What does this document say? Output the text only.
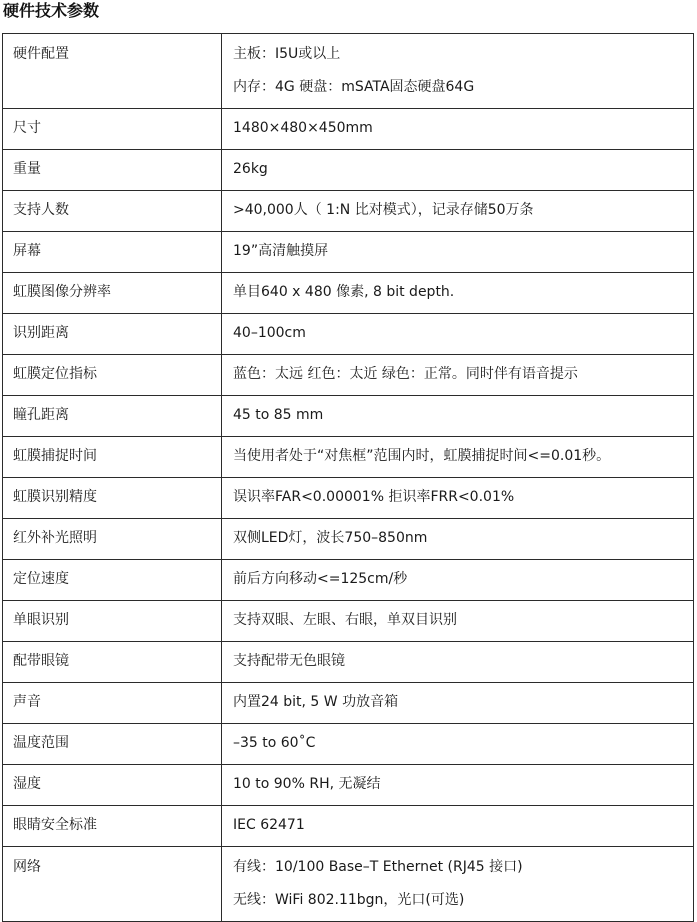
硬件技术参数
硬件配置	主板：I5U或以上
内存：4G 硬盘：mSATA固态硬盘64G

尺寸	1480×480×450mm

重量	26kg

支持人数	>40,000人（ 1:N 比对模式），记录存储50万条

屏幕	19”高清触摸屏

虹膜图像分辨率	单目640 x 480 像素, 8 bit depth.

识别距离	40–100cm

虹膜定位指标	蓝色：太远 红色：太近 绿色：正常。同时伴有语音提示

瞳孔距离	45 to 85 mm

虹膜捕捉时间	当使用者处于“对焦框”范围内时，虹膜捕捉时间<=0.01秒。

虹膜识别精度	误识率FAR<0.00001% 拒识率FRR<0.01%

红外补光照明	双侧LED灯，波长750–850nm

定位速度	前后方向移动<=125cm/秒

单眼识别	支持双眼、左眼、右眼，单双目识别

配带眼镜	支持配带无色眼镜

声音	内置24 bit, 5 W 功放音箱

温度范围	–35 to 60˚C

湿度	10 to 90% RH, 无凝结

眼睛安全标准	IEC 62471

网络	有线：10/100 Base–T Ethernet (RJ45 接口)
无线：WiFi 802.11bgn，光口(可选)
